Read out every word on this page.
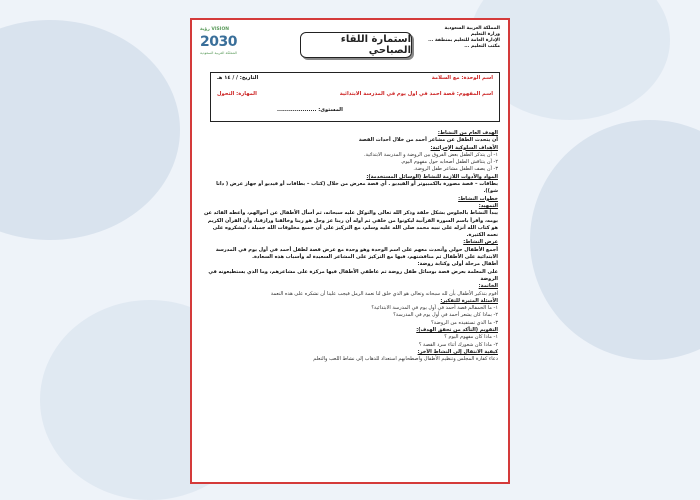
المملكة العربية السعودية
وزارة التعليم
الإدارة العامة للتعليم بمنطقة ...
مكتب التعليم ...
استمارة اللقاء الصباحي
رؤية VISION
2030
المملكة العربية السعودية
اسم الوحدة: مع السلامة
التاريخ: / / ١٤ هـ
اسم المفهوم: قصة أحمد في أول يوم في المدرسة الابتدائية
المهارة: التحول
المستوى: ....................

الهدف العام من النشاط:

أن يتحدث الطفل عن مشاعر أحمد من خلال أحداث القصة

الأهداف السلوكية الإجرائية:

١- أن يتذكر الطفل بعض الفروق بين الروضة و المدرسة الابتدائية.

٢- أن يتناقش الطفل أصحابه حول مفهوم اليوم.

٣- أن يصف الطفل مشاعر طفل الروضة.

المواد والأدوات اللازمة للنشاط (الوسائل المستخدمة):

بطاقات – قصة مصورة بالكمبيوتر أو الفيديو . أي قصة معرض من خلال (كتاب – بطاقات أو فيديو أو جهاز عرض ( داتا شو)).

خطوات النشاط:

التمهيد:

يبدأ النشاط بالجلوس بشكل حلقة وذكر الله تعالى والتوكل عليه سبحانه، ثم أسأل الأطفال عن أحوالهم، وأعطه القائد عن يومه، وأقرأ باسم السورة القرآنية ليكونوا من خلفي ثم أوله أن ربنا عز وجل هو ربنا وخالقنا ورازقنا، وأن القرآن الكريم هو كتاب الله أنزله على نبيه محمد صلى الله عليه وسلم، مع التركيز على أن جميع مخلوقات الله جميلة ، ليشكروه على نعمه الكثيرة.

عرض النشاط:

أجمع الأطفال حولي وأتحدث معهم على اسم الوحدة وهو وحدة مع عرض قصة لطفل أحمد في أول يوم في المدرسة الابتدائية على الأطفال ثم مناقشتهم، فيها مع التركيز على المشاعر السعيدة له وأسباب هذه السعادة.

أطفال مرحلة أولى وكتابة روضة:

على المعلمة بعرض قصة بوسائل طفل روضة ثم عاطفي الأطفال فيها مركزة على مشاعرهم، وما الذي يستطيعونه في الروضة

الخاتمة:

أقوم بتذكير الأطفال بأن لله سبحانه وتعالى هو الذي خلق لنا نعمة الرمل فيجب علينا أن نشكره على هذه النعمة

الأسئلة المثيرة للتفكير:

١- ما الحمفالم قصة أحمد في أول يوم في المدرسة الابتدائية؟

٢- بماذا كان يشعر أحمد في أول يوم في المدرسة؟

٣- ما الذي تستفيده من الروضة؟

التقويم (التأكد من تحقق الهدف):

١- ماذا كان مفهوم اليوم ؟

٢- ماذا كان شعورك أثناء سرد القصة ؟

كيفية الانتقال إلى النشاط الآخر:

دعاء كفارة المجلس وتنظيم الأطفال واصطحابهم استعداد للذهاب إلى نشاط اللعب والتعلم
